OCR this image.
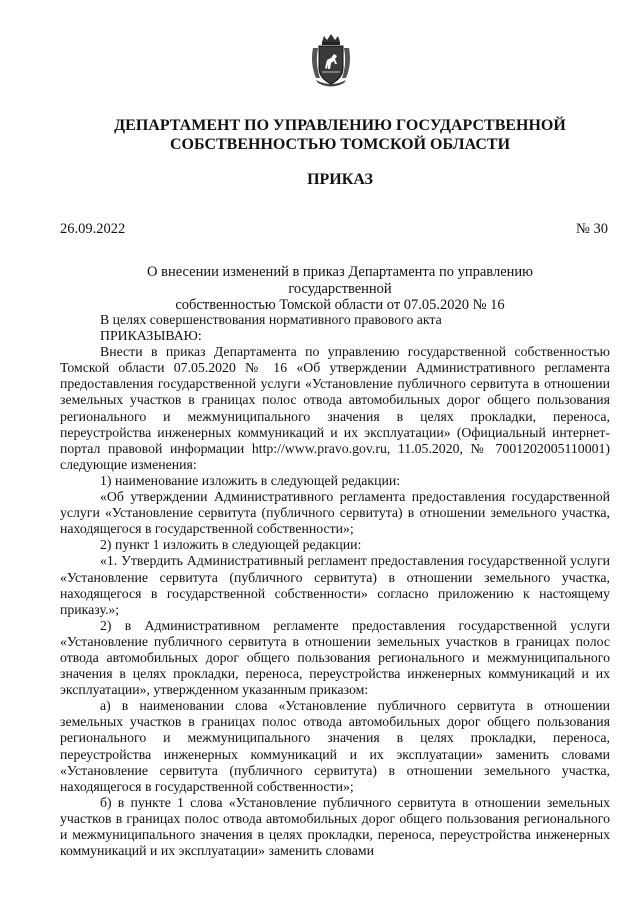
ДЕПАРТАМЕНТ ПО УПРАВЛЕНИЮ ГОСУДАРСТВЕННОЙ
СОБСТВЕННОСТЬЮ ТОМСКОЙ ОБЛАСТИ
ПРИКАЗ
26.09.2022	№ 30
О внесении изменений в приказ Департамента по управлению государственной
собственностью Томской области от 07.05.2020 № 16

В целях совершенствования нормативного правового акта

ПРИКАЗЫВАЮ:

Внести в приказ Департамента по управлению государственной собственностью Томской области 07.05.2020 № 16 «Об утверждении Административного регламента предоставления государственной услуги «Установление публичного сервитута в отношении земельных участков в границах полос отвода автомобильных дорог общего пользования регионального и межмуниципального значения в целях прокладки, переноса, переустройства инженерных коммуникаций и их эксплуатации» (Официальный интернет-портал правовой информации http://www.pravo.gov.ru, 11.05.2020, № 7001202005110001) следующие изменения:

1) наименование изложить в следующей редакции:

«Об утверждении Административного регламента предоставления государственной услуги «Установление сервитута (публичного сервитута) в отношении земельного участка, находящегося в государственной собственности»;

2) пункт 1 изложить в следующей редакции:

«1. Утвердить Административный регламент предоставления государственной услуги «Установление сервитута (публичного сервитута) в отношении земельного участка, находящегося в государственной собственности» согласно приложению к настоящему приказу.»;

2) в Административном регламенте предоставления государственной услуги «Установление публичного сервитута в отношении земельных участков в границах полос отвода автомобильных дорог общего пользования регионального и межмуниципального значения в целях прокладки, переноса, переустройства инженерных коммуникаций и их эксплуатации», утвержденном указанным приказом:

а) в наименовании слова «Установление публичного сервитута в отношении земельных участков в границах полос отвода автомобильных дорог общего пользования регионального и межмуниципального значения в целях прокладки, переноса, переустройства инженерных коммуникаций и их эксплуатации» заменить словами «Установление сервитута (публичного сервитута) в отношении земельного участка, находящегося в государственной собственности»;

б) в пункте 1 слова «Установление публичного сервитута в отношении земельных участков в границах полос отвода автомобильных дорог общего пользования регионального и межмуниципального значения в целях прокладки, переноса, переустройства инженерных коммуникаций и их эксплуатации» заменить словами
